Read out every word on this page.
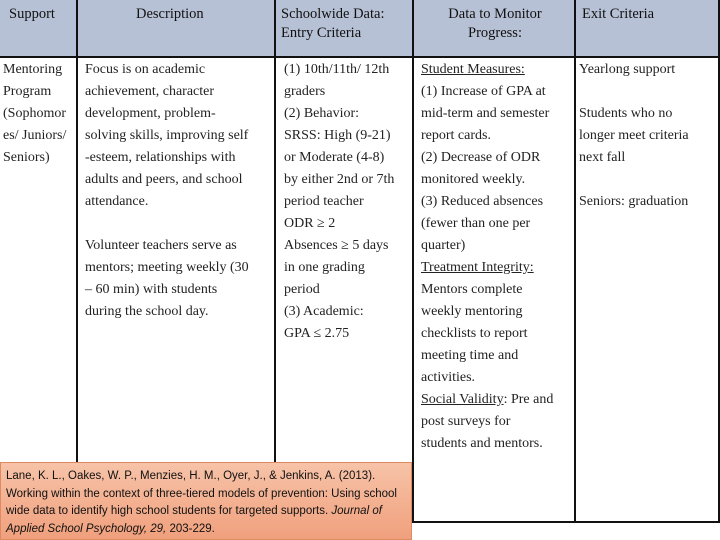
Support	Description	Schoolwide Data: Entry Criteria
Data to Monitor Progress:
Exit Criteria
Mentoring
Program
(Sophomor
es/ Juniors/
Seniors)
Focus is on academic
achievement, character
development, problem-
solving skills, improving self
-esteem, relationships with
adults and peers, and school
attendance.

Volunteer teachers serve as
mentors; meeting weekly (30
– 60 min) with students
during the school day.
(1) 10th/11th/ 12th
graders
(2) Behavior:
SRSS: High (9-21)
or Moderate (4-8)
by either 2nd or 7th
period teacher
ODR ≥ 2
Absences ≥ 5 days
in one grading
period
(3) Academic:
GPA ≤ 2.75
Student Measures:
(1) Increase of GPA at
mid-term and semester
report cards.
(2) Decrease of ODR
monitored weekly.
(3) Reduced absences
(fewer than one per
quarter)
Treatment Integrity:
Mentors complete
weekly mentoring
checklists to report
meeting time and
activities.
Social Validity: Pre and
post surveys for
students and mentors.
Yearlong support

Students who no
longer meet criteria
next fall

Seniors: graduation
Lane, K. L., Oakes, W. P., Menzies, H. M., Oyer, J., & Jenkins, A. (2013). Working within the context of three-tiered models of prevention: Using school wide data to identify high school students for targeted supports. Journal of Applied School Psychology, 29, 203-229.
